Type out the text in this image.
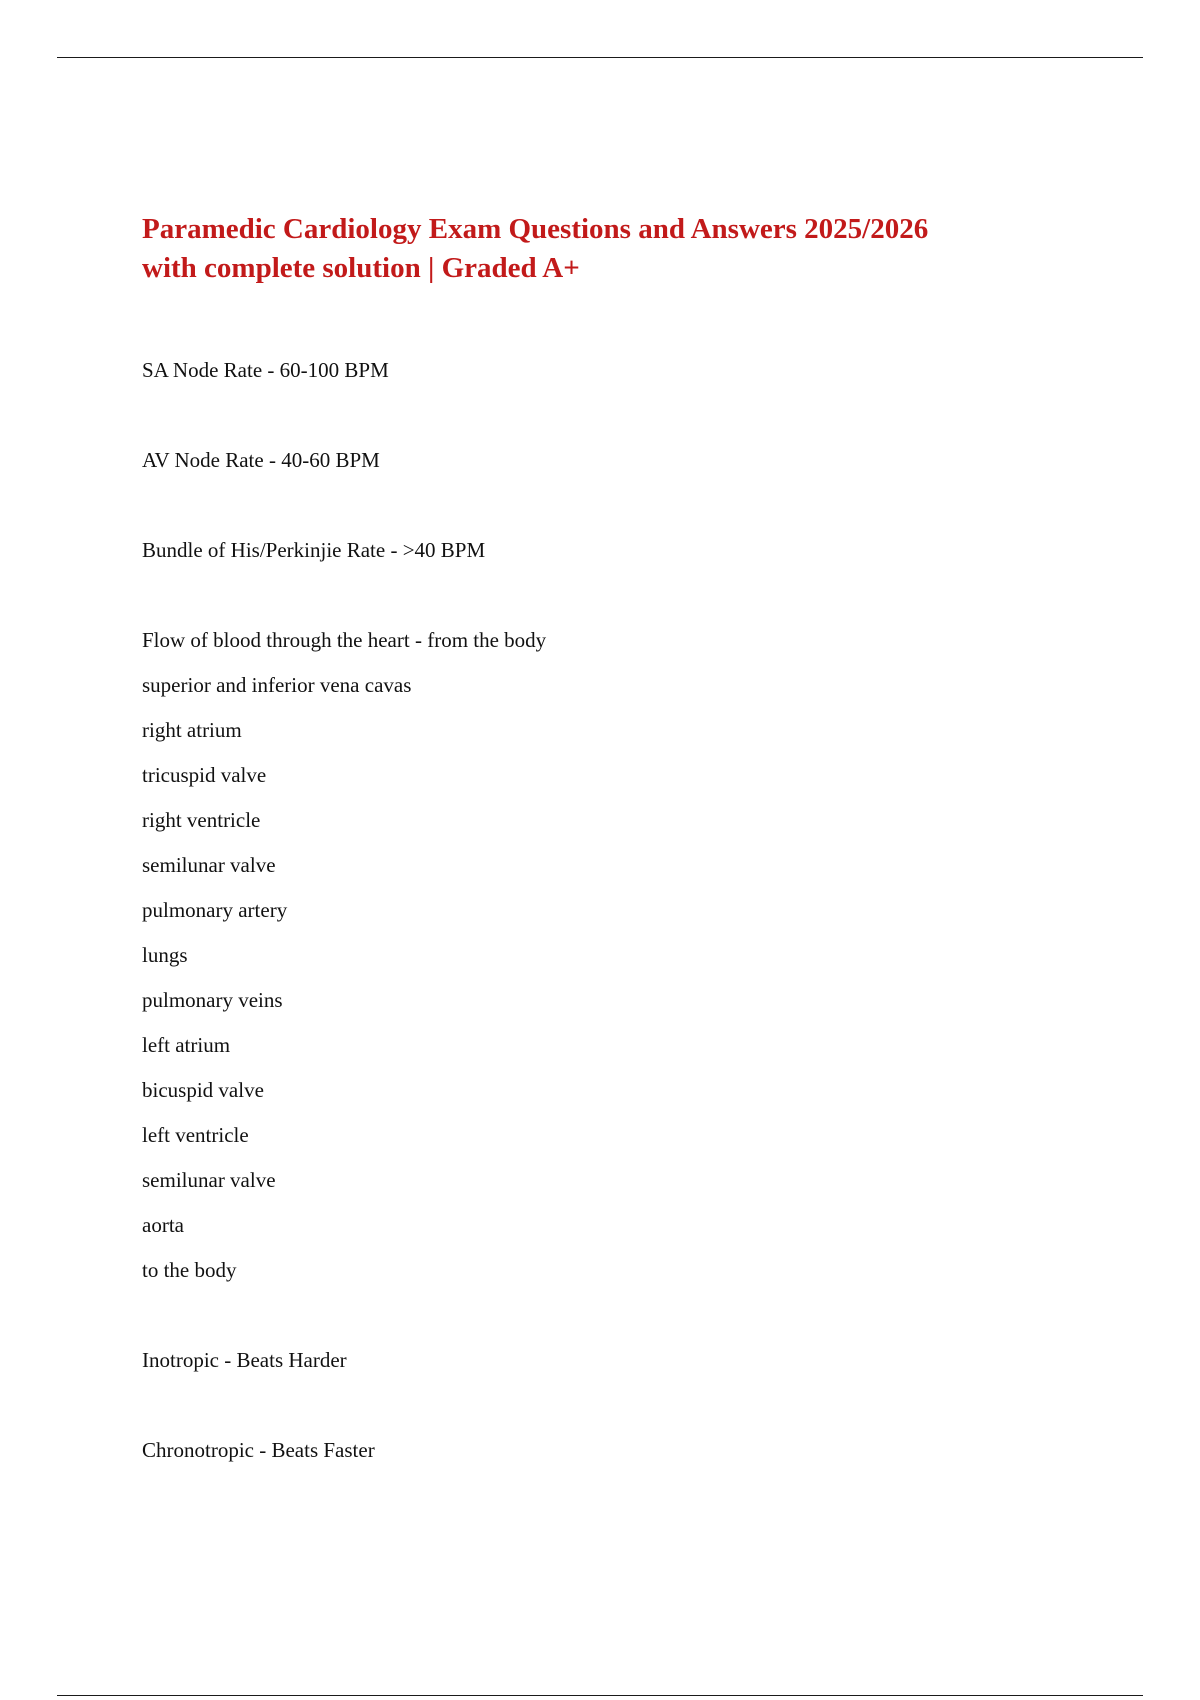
Paramedic Cardiology Exam Questions and Answers 2025/2026
with complete solution | Graded A+
SA Node Rate - 60-100 BPM
AV Node Rate - 40-60 BPM
Bundle of His/Perkinjie Rate - >40 BPM
Flow of blood through the heart - from the body
superior and inferior vena cavas
right atrium
tricuspid valve
right ventricle
semilunar valve
pulmonary artery
lungs
pulmonary veins
left atrium
bicuspid valve
left ventricle
semilunar valve
aorta
to the body
Inotropic - Beats Harder
Chronotropic - Beats Faster
